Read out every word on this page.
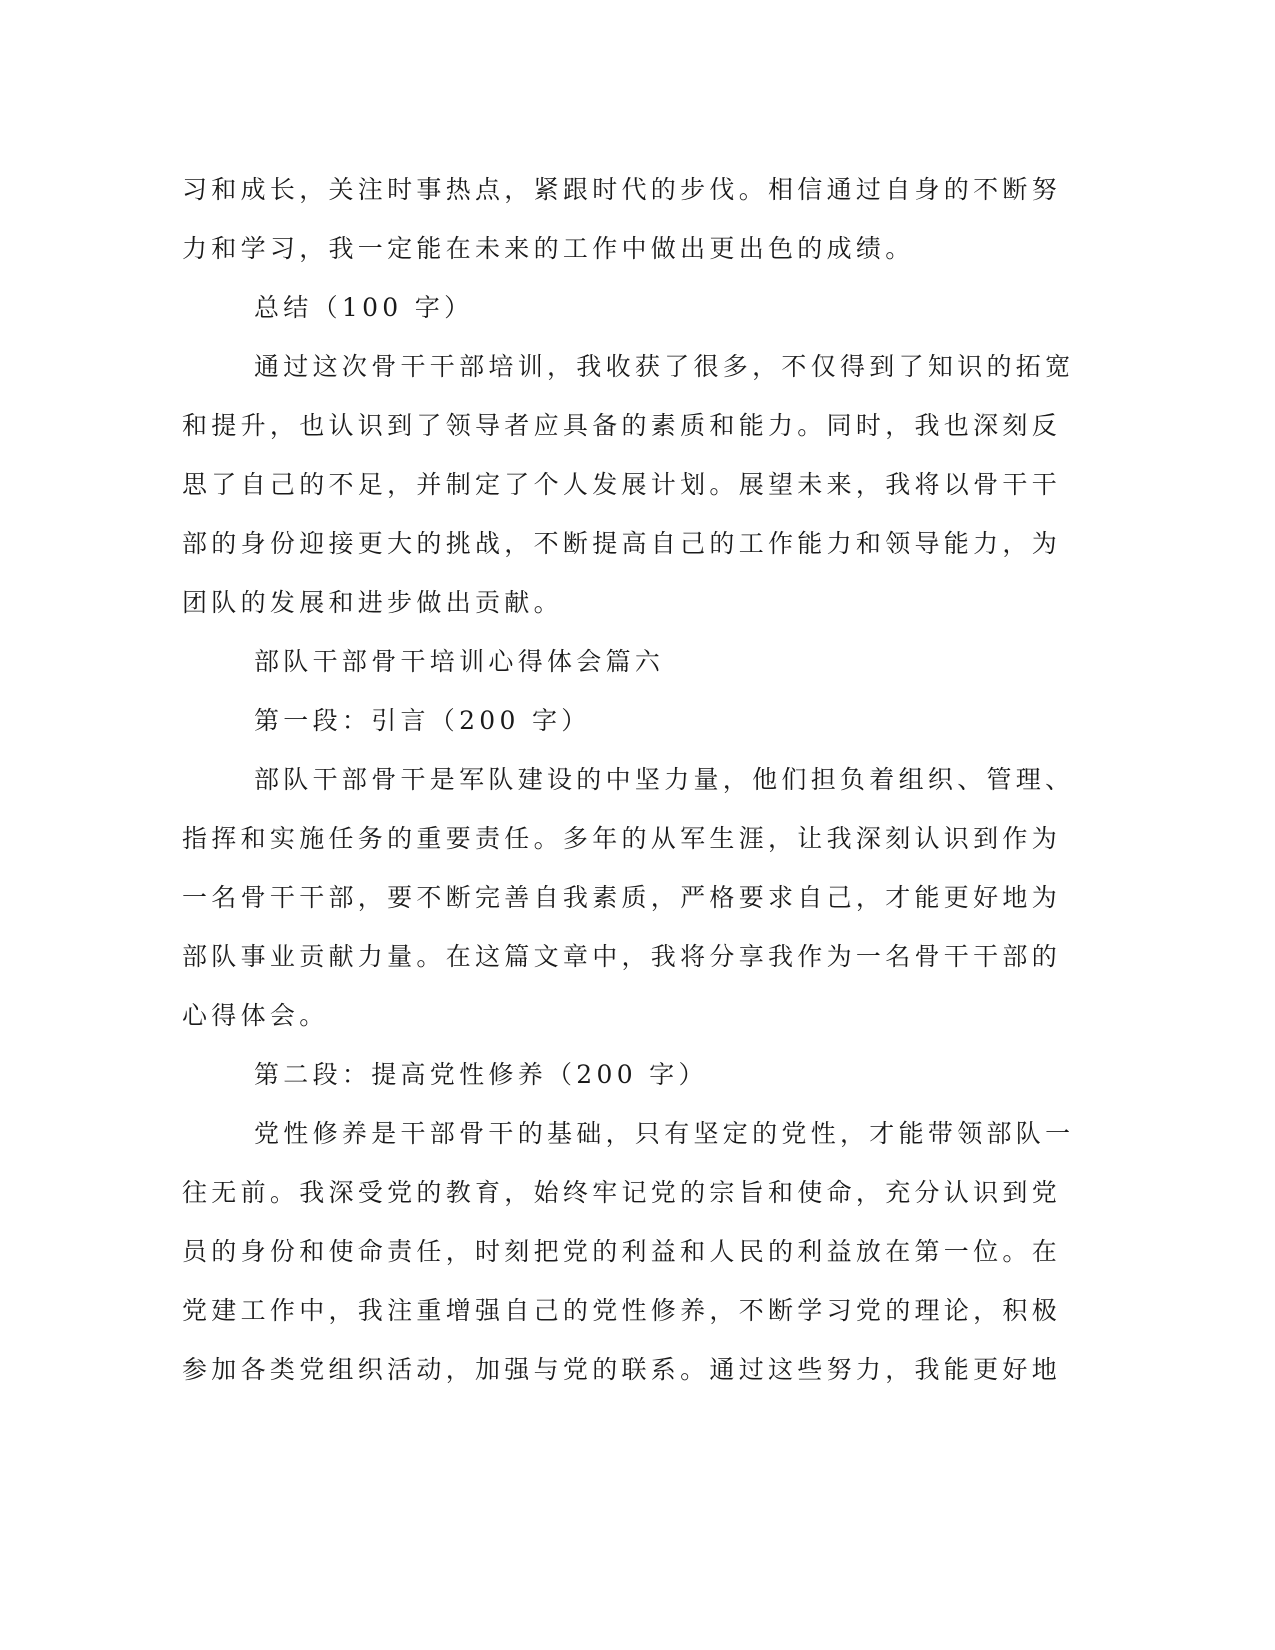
习和成长，关注时事热点，紧跟时代的步伐。相信通过自身的不断努
力和学习，我一定能在未来的工作中做出更出色的成绩。
总结（100 字）
通过这次骨干干部培训，我收获了很多，不仅得到了知识的拓宽
和提升，也认识到了领导者应具备的素质和能力。同时，我也深刻反
思了自己的不足，并制定了个人发展计划。展望未来，我将以骨干干
部的身份迎接更大的挑战，不断提高自己的工作能力和领导能力，为
团队的发展和进步做出贡献。
部队干部骨干培训心得体会篇六
第一段：引言（200 字）
部队干部骨干是军队建设的中坚力量，他们担负着组织、管理、
指挥和实施任务的重要责任。多年的从军生涯，让我深刻认识到作为
一名骨干干部，要不断完善自我素质，严格要求自己，才能更好地为
部队事业贡献力量。在这篇文章中，我将分享我作为一名骨干干部的
心得体会。
第二段：提高党性修养（200 字）
党性修养是干部骨干的基础，只有坚定的党性，才能带领部队一
往无前。我深受党的教育，始终牢记党的宗旨和使命，充分认识到党
员的身份和使命责任，时刻把党的利益和人民的利益放在第一位。在
党建工作中，我注重增强自己的党性修养，不断学习党的理论，积极
参加各类党组织活动，加强与党的联系。通过这些努力，我能更好地
